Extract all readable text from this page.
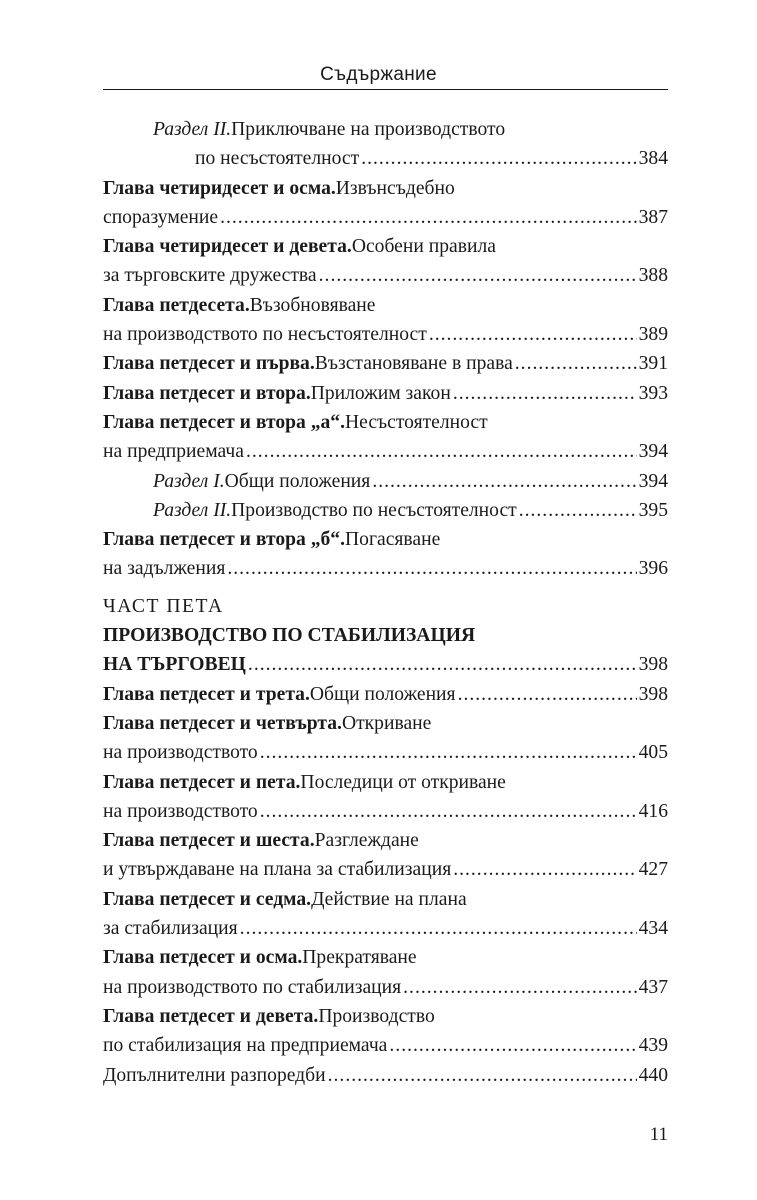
Съдържание
Раздел II. Приключване на производството
по несъстоятелност .....	384
Глава четиридесет и осма. Извънсъдебно
споразумение .....	387
Глава четиридесет и девета. Особени правила
за търговските дружества .....	388
Глава петдесета. Възобновяване
на производството по несъстоятелност .....	389
Глава петдесет и първа. Възстановяване в права .....	391
Глава петдесет и втора. Приложим закон .....	393
Глава петдесет и втора „а“. Несъстоятелност
на предприемача .....	394
Раздел I. Общи положения .....	394
Раздел II. Производство по несъстоятелност .....	395
Глава петдесет и втора „б“. Погасяване
на задължения .....	396
ЧАСТ ПЕТА
ПРОИЗВОДСТВО ПО СТАБИЛИЗАЦИЯ
НА ТЪРГОВЕЦ .....	398
Глава петдесет и трета. Общи положения .....	398
Глава петдесет и четвърта. Откриване
на производството .....	405
Глава петдесет и пета. Последици от откриване
на производството .....	416
Глава петдесет и шеста. Разглеждане
и утвърждаване на плана за стабилизация .....	427
Глава петдесет и седма. Действие на плана
за стабилизация .....	434
Глава петдесет и осма. Прекратяване
на производството по стабилизация .....	437
Глава петдесет и девета. Производство
по стабилизация на предприемача .....	439
Допълнителни разпоредби .....	440
11
